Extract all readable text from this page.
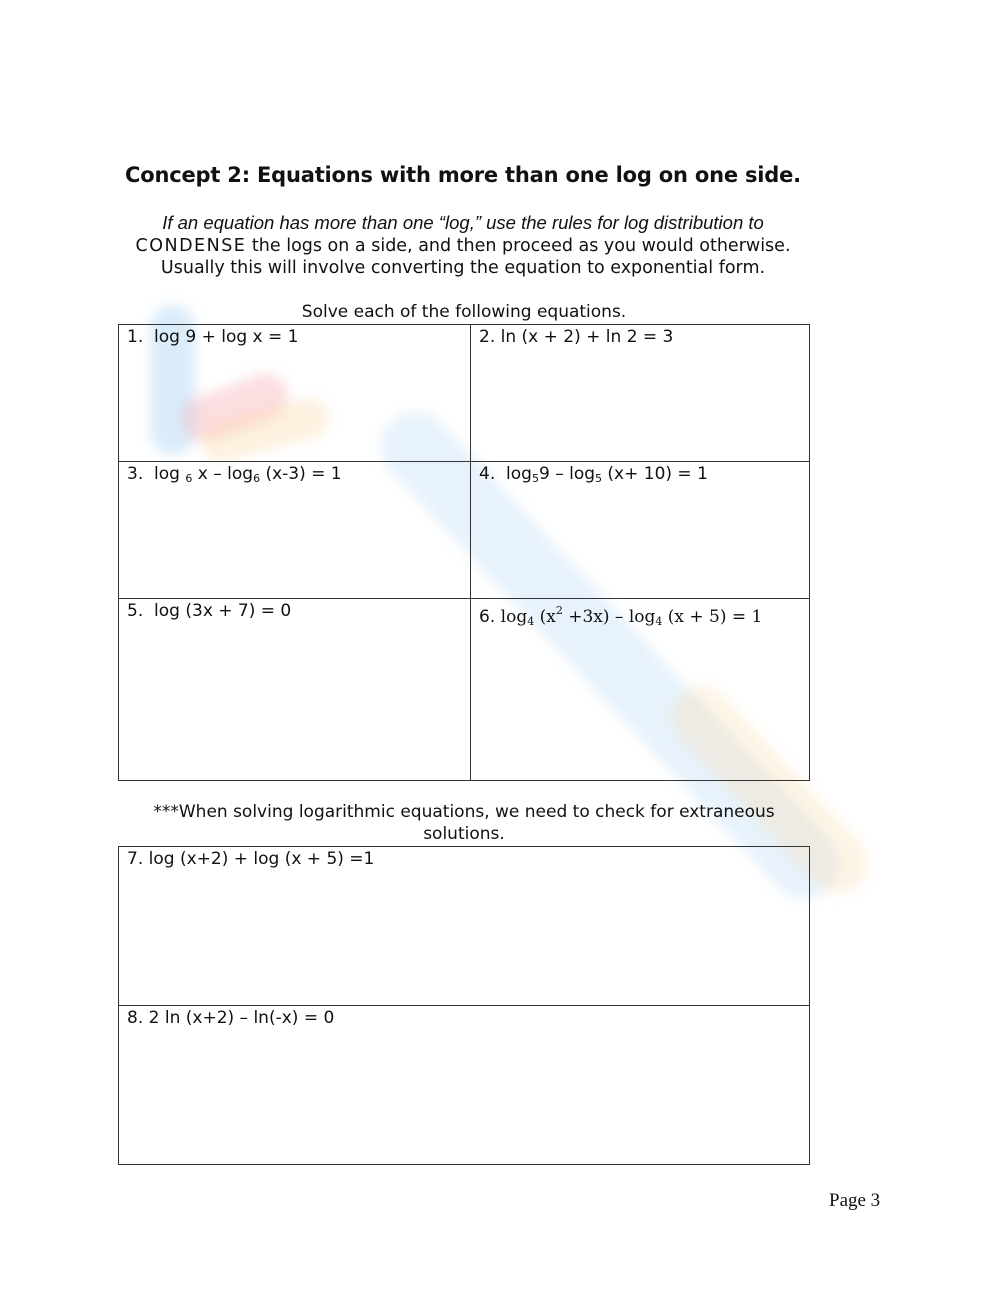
Concept 2: Equations with more than one log on one side.
If an equation has more than one “log,” use the rules for log distribution to
CONDENSE the logs on a side, and then proceed as you would otherwise.
Usually this will involve converting the equation to exponential form.
Solve each of the following equations.
1. log 9 + log x = 1	2. ln (x + 2) + ln 2 = 3
3. log $_6$ $x - \log_6 (x-3) = 1$	4. $\log_59 - \log_5 (x+ 10) = 1$
5. log (3x + 7) = 0	6. $\log_4 (x^2 +3x) - \log_4 (x + 5) = 1$
***When solving logarithmic equations, we need to check for extraneous
solutions.
7. log (x+2) + log (x + 5) =1
8. 2 ln (x+2) – ln(-x) = 0
Page 3
